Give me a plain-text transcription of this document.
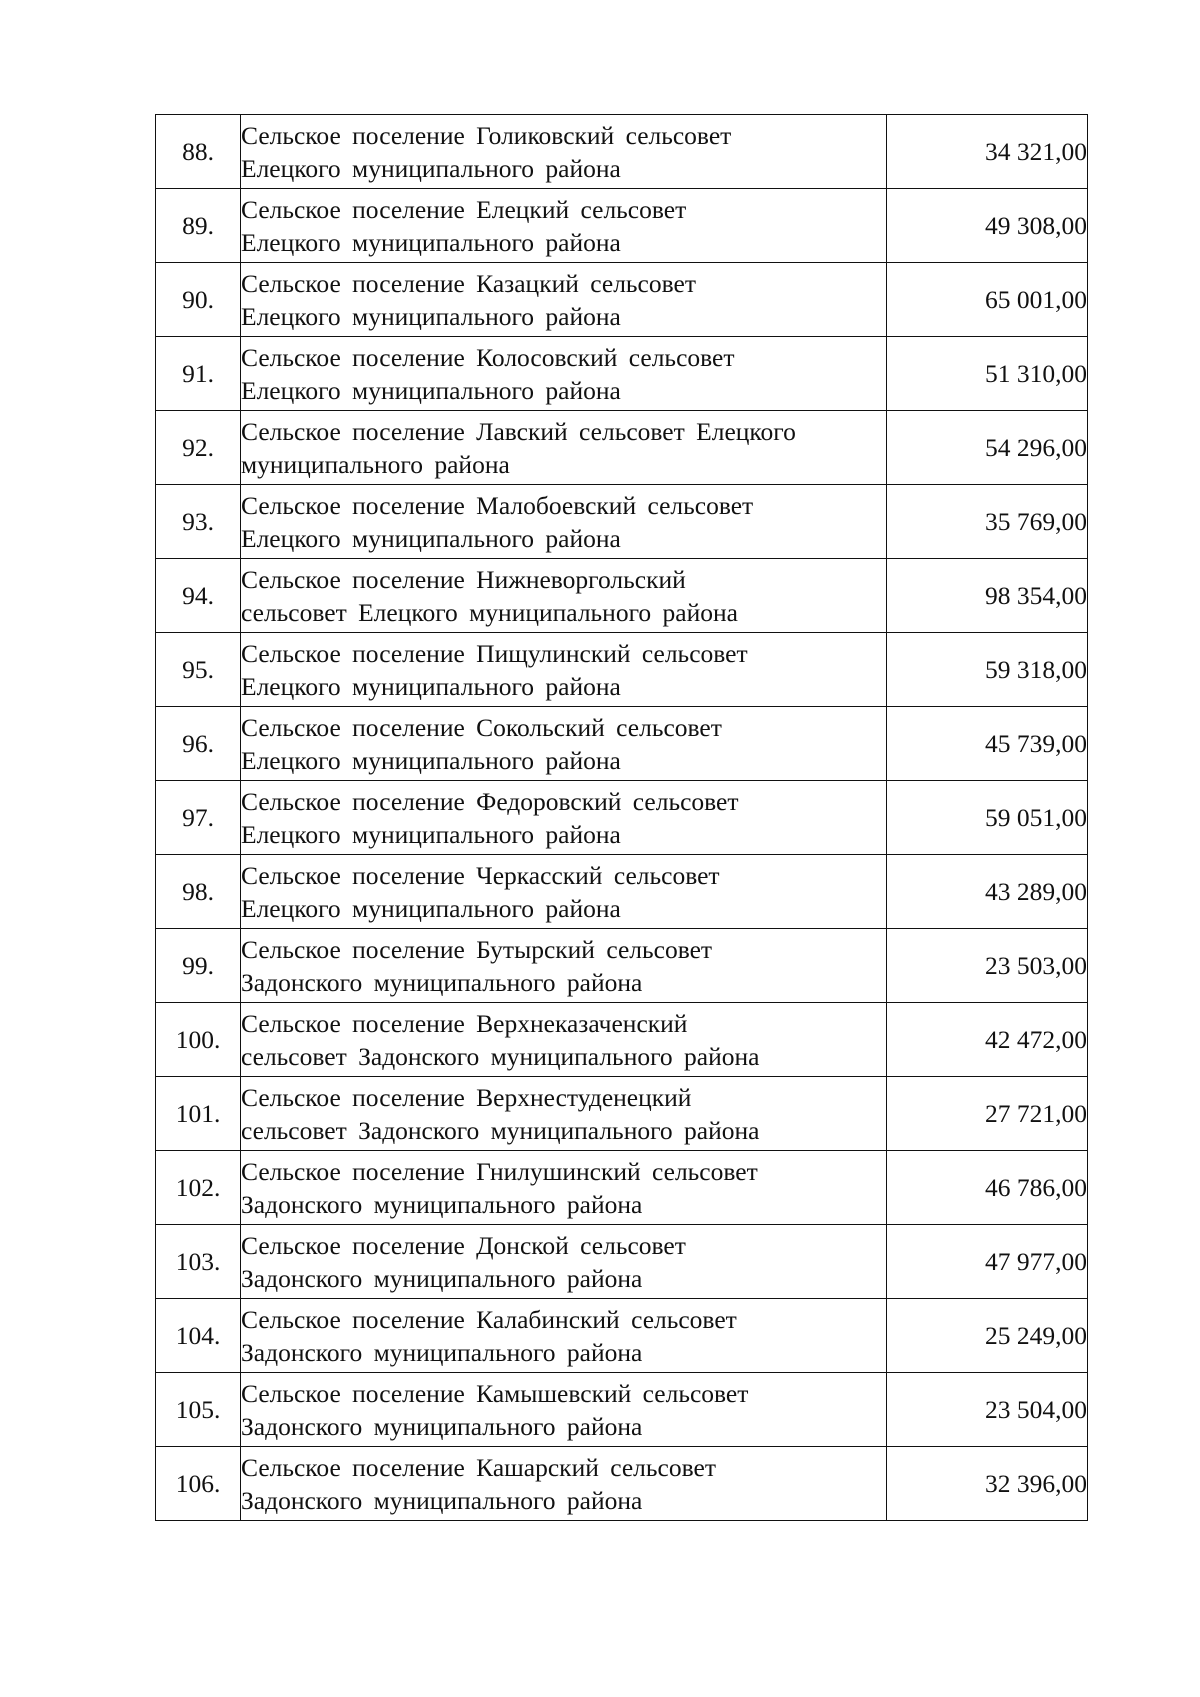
88.	Сельское поселение Голиковский сельсовет
Елецкого муниципального района	34 321,00
89.	Сельское поселение Елецкий сельсовет
Елецкого муниципального района	49 308,00
90.	Сельское поселение Казацкий сельсовет
Елецкого муниципального района	65 001,00
91.	Сельское поселение Колосовский сельсовет
Елецкого муниципального района	51 310,00
92.	Сельское поселение Лавский сельсовет Елецкого
муниципального района	54 296,00
93.	Сельское поселение Малобоевский сельсовет
Елецкого муниципального района	35 769,00
94.	Сельское поселение Нижневоргольский
сельсовет Елецкого муниципального района	98 354,00
95.	Сельское поселение Пищулинский сельсовет
Елецкого муниципального района	59 318,00
96.	Сельское поселение Сокольский сельсовет
Елецкого муниципального района	45 739,00
97.	Сельское поселение Федоровский сельсовет
Елецкого муниципального района	59 051,00
98.	Сельское поселение Черкасский сельсовет
Елецкого муниципального района	43 289,00
99.	Сельское поселение Бутырский сельсовет
Задонского муниципального района	23 503,00
100.	Сельское поселение Верхнеказаченский
сельсовет Задонского муниципального района	42 472,00
101.	Сельское поселение Верхнестуденецкий
сельсовет Задонского муниципального района	27 721,00
102.	Сельское поселение Гнилушинский сельсовет
Задонского муниципального района	46 786,00
103.	Сельское поселение Донской сельсовет
Задонского муниципального района	47 977,00
104.	Сельское поселение Калабинский сельсовет
Задонского муниципального района	25 249,00
105.	Сельское поселение Камышевский сельсовет
Задонского муниципального района	23 504,00
106.	Сельское поселение Кашарский сельсовет
Задонского муниципального района	32 396,00
